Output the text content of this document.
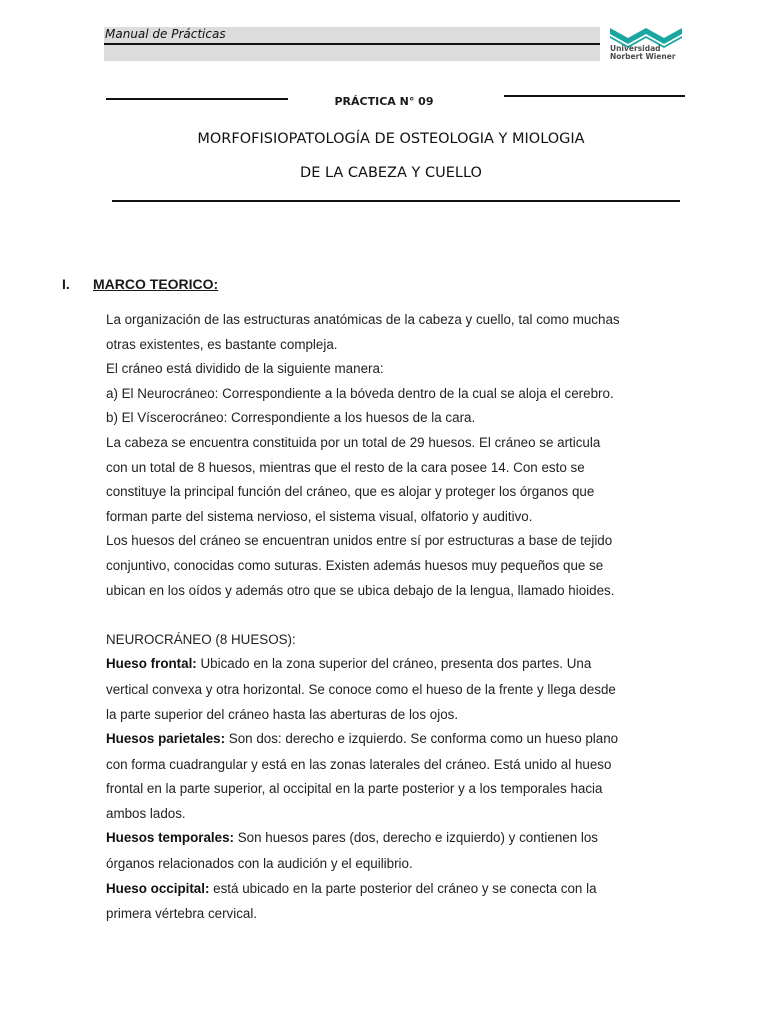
Manual de Prácticas
Universidad
Norbert Wiener
PRÁCTICA N° 09
MORFOFISIOPATOLOGÍA DE OSTEOLOGIA Y MIOLOGIA
DE LA CABEZA Y CUELLO
I. MARCO TEORICO:

La organización de las estructuras anatómicas de la cabeza y cuello, tal como muchas

otras existentes, es bastante compleja.

El cráneo está dividido de la siguiente manera:

a) El Neurocráneo: Correspondiente a la bóveda dentro de la cual se aloja el cerebro.

b) El Víscerocráneo: Correspondiente a los huesos de la cara.

La cabeza se encuentra constituida por un total de 29 huesos. El cráneo se articula

con un total de 8 huesos, mientras que el resto de la cara posee 14. Con esto se

constituye la principal función del cráneo, que es alojar y proteger los órganos que

forman parte del sistema nervioso, el sistema visual, olfatorio y auditivo.

Los huesos del cráneo se encuentran unidos entre sí por estructuras a base de tejido

conjuntivo, conocidas como suturas. Existen además huesos muy pequeños que se

ubican en los oídos y además otro que se ubica debajo de la lengua, llamado hioides.

NEUROCRÁNEO (8 HUESOS):

Hueso frontal: Ubicado en la zona superior del cráneo, presenta dos partes. Una

vertical convexa y otra horizontal. Se conoce como el hueso de la frente y llega desde

la parte superior del cráneo hasta las aberturas de los ojos.

Huesos parietales: Son dos: derecho e izquierdo. Se conforma como un hueso plano

con forma cuadrangular y está en las zonas laterales del cráneo. Está unido al hueso

frontal en la parte superior, al occipital en la parte posterior y a los temporales hacia

ambos lados.

Huesos temporales: Son huesos pares (dos, derecho e izquierdo) y contienen los

órganos relacionados con la audición y el equilibrio.

Hueso occipital: está ubicado en la parte posterior del cráneo y se conecta con la

primera vértebra cervical.
